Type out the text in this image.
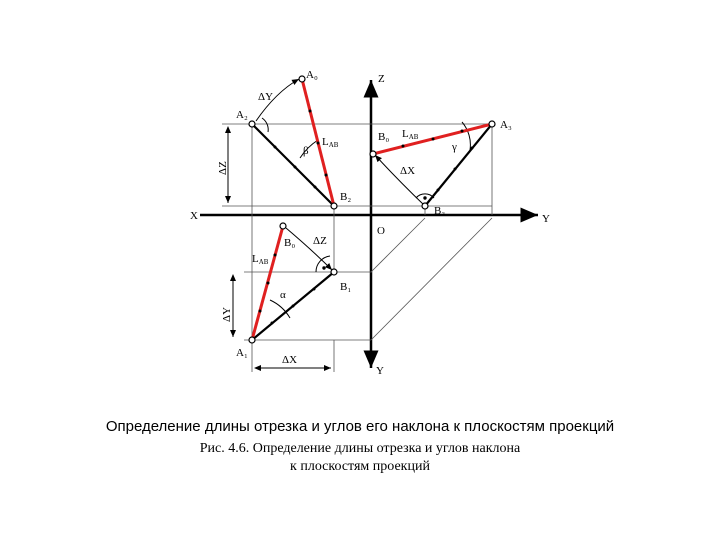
A₀
ΔY
A₂
LAB
β
ΔZ
B₂
Z
B₀ LAB
A₃
γ
ΔX
B₃
X	Y
O
B₀ ΔZ
LAB
B₁
α
ΔY
A₁
ΔX
Y
Определение длины отрезка и углов его наклона к плоскостям проекций
Рис. 4.6. Определение длины отрезка и углов наклона
к плоскостям проекций
